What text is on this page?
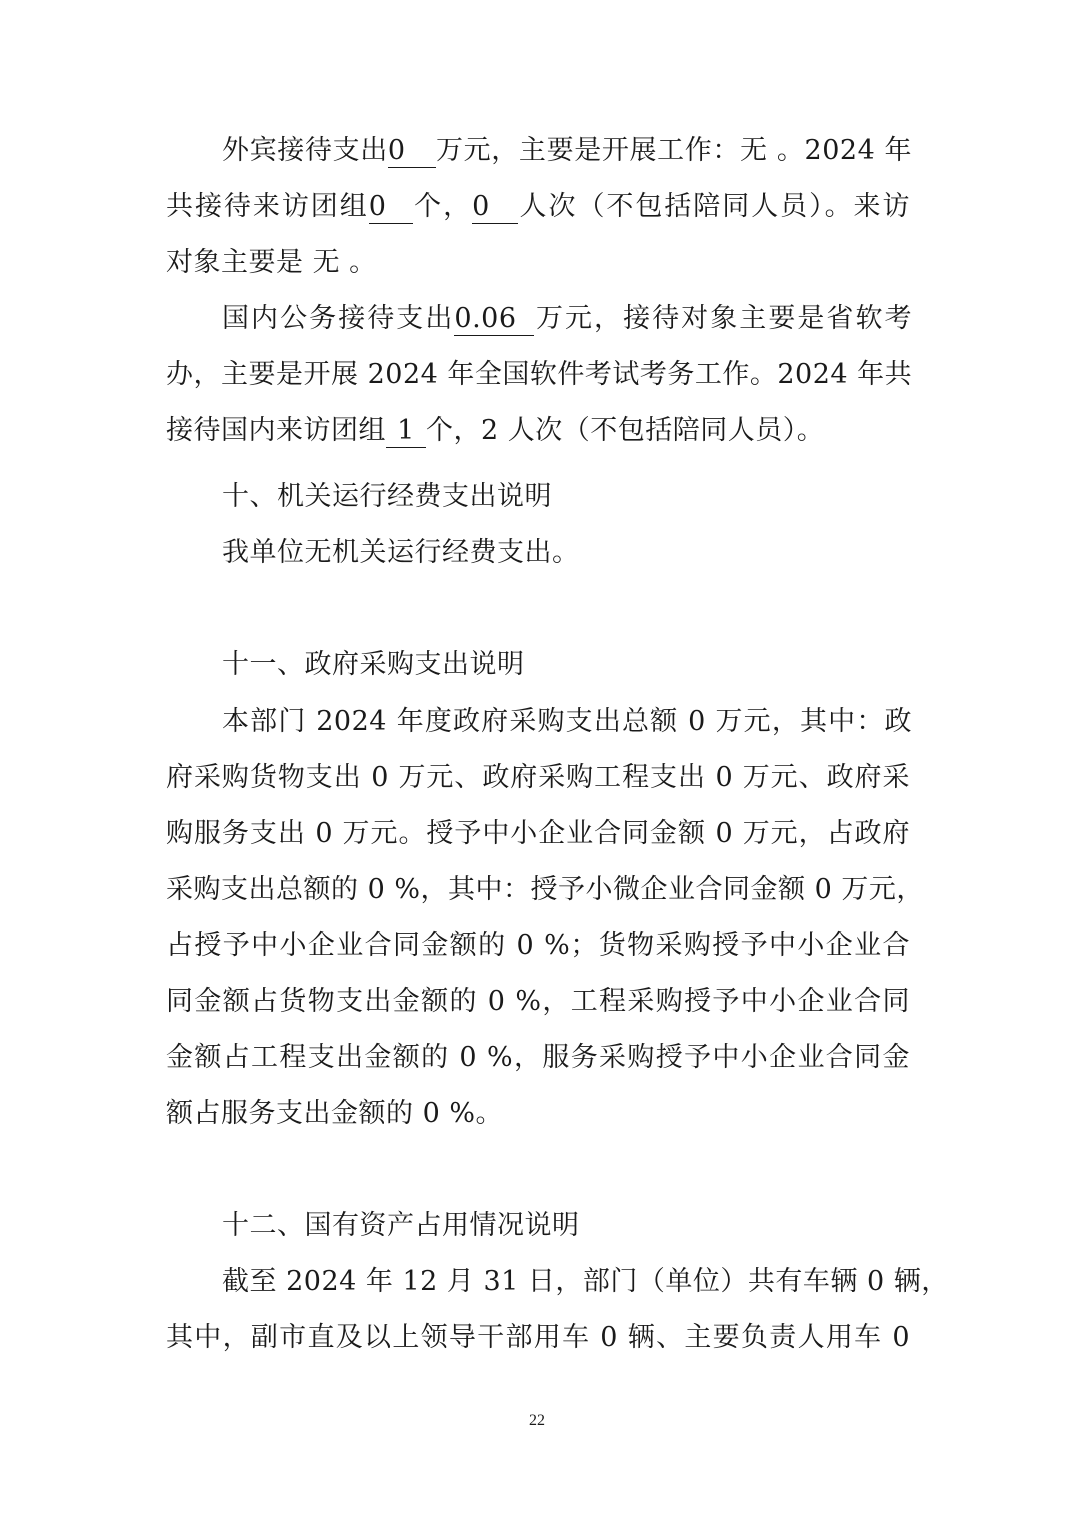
外宾接待支出0 万元，主要是开展工作：无 。2024 年
共接待来访团组0 个，0 人次（不包括陪同人员）。来访
对象主要是 无 。
国内公务接待支出0.06 万元，接待对象主要是省软考
办，主要是开展 2024 年全国软件考试考务工作。2024 年共
接待国内来访团组 1 个，2 人次（不包括陪同人员）。
十、机关运行经费支出说明
我单位无机关运行经费支出。
十一、政府采购支出说明
本部门 2024 年度政府采购支出总额 0 万元，其中：政
府采购货物支出 0 万元、政府采购工程支出 0 万元、政府采
购服务支出 0 万元。授予中小企业合同金额 0 万元，占政府
采购支出总额的 0 %，其中：授予小微企业合同金额 0 万元，
占授予中小企业合同金额的 0 %；货物采购授予中小企业合
同金额占货物支出金额的 0 %，工程采购授予中小企业合同
金额占工程支出金额的 0 %，服务采购授予中小企业合同金
额占服务支出金额的 0 %。
十二、国有资产占用情况说明
截至 2024 年 12 月 31 日，部门（单位）共有车辆 0 辆，
其中，副市直及以上领导干部用车 0 辆、主要负责人用车 0
22
